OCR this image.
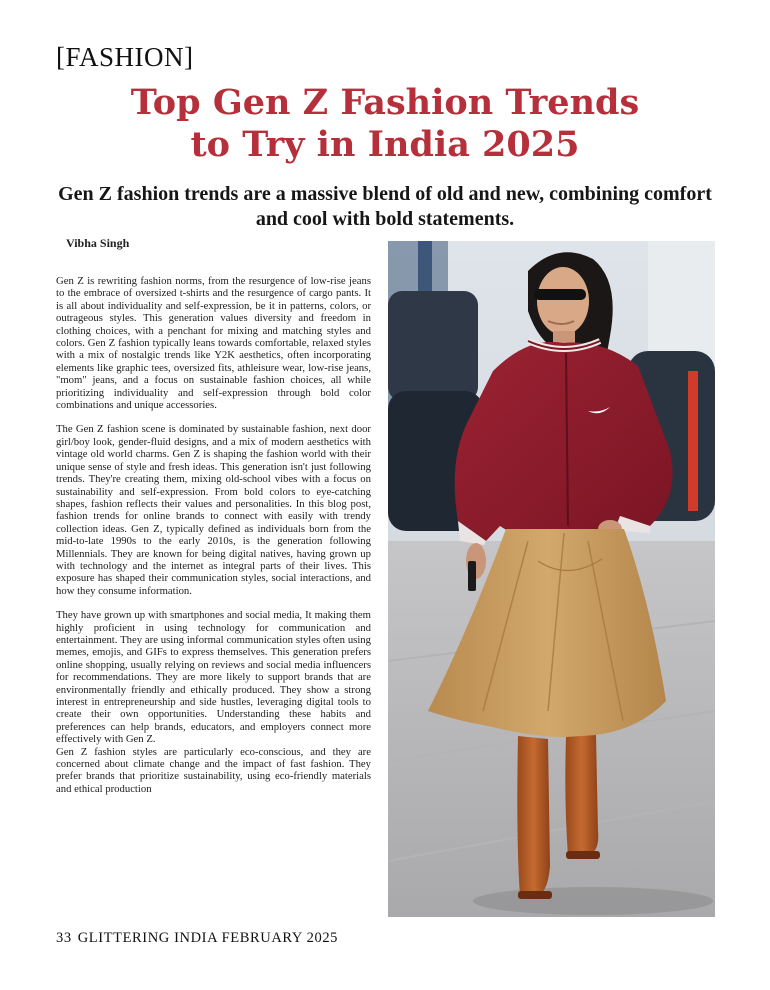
[FASHION]
Top Gen Z Fashion Trends
to Try in India 2025
Gen Z fashion trends are a massive blend of old and new, combining comfort and cool with bold statements.
Vibha Singh

Gen Z is rewriting fashion norms, from the resurgence of low-rise jeans to the embrace of oversized t-shirts and the resurgence of cargo pants. It is all about individuality and self-expression, be it in patterns, colors, or outrageous styles. This generation values diversity and freedom in clothing choices, with a penchant for mixing and matching styles and colors. Gen Z fashion typically leans towards comfortable, relaxed styles with a mix of nostalgic trends like Y2K aesthetics, often incorporating elements like graphic tees, oversized fits, athleisure wear, low-rise jeans, "mom" jeans, and a focus on sustainable fashion choices, all while prioritizing individuality and self-expression through bold color combinations and unique accessories.

The Gen Z fashion scene is dominated by sustainable fashion, next door girl/boy look, gender-fluid designs, and a mix of modern aesthetics with vintage old world charms. Gen Z is shaping the fashion world with their unique sense of style and fresh ideas. This generation isn't just following trends. They're creating them, mixing old-school vibes with a focus on sustainability and self-expression. From bold colors to eye-catching shapes, fashion reflects their values and personalities. In this blog post, fashion trends for online brands to connect with easily with trendy collection ideas. Gen Z, typically defined as individuals born from the mid-to-late 1990s to the early 2010s, is the generation following Millennials. They are known for being digital natives, having grown up with technology and the internet as integral parts of their lives. This exposure has shaped their communication styles, social interactions, and how they consume information.

They have grown up with smartphones and social media, It making them highly proficient in using technology for communication and entertainment. They are using informal communication styles often using memes, emojis, and GIFs to express themselves. This generation prefers online shopping, usually relying on reviews and social media influencers for recommendations. They are more likely to support brands that are environmentally friendly and ethically produced. They show a strong interest in entrepreneurship and side hustles, leveraging digital tools to create their own opportunities. Understanding these habits and preferences can help brands, educators, and employers connect more effectively with Gen Z.

Gen Z fashion styles are particularly eco-conscious, and they are concerned about climate change and the impact of fast fashion. They prefer brands that prioritize sustainability, using eco-friendly materials and ethical production

33 GLITTERING INDIA FEBRUARY 2025
